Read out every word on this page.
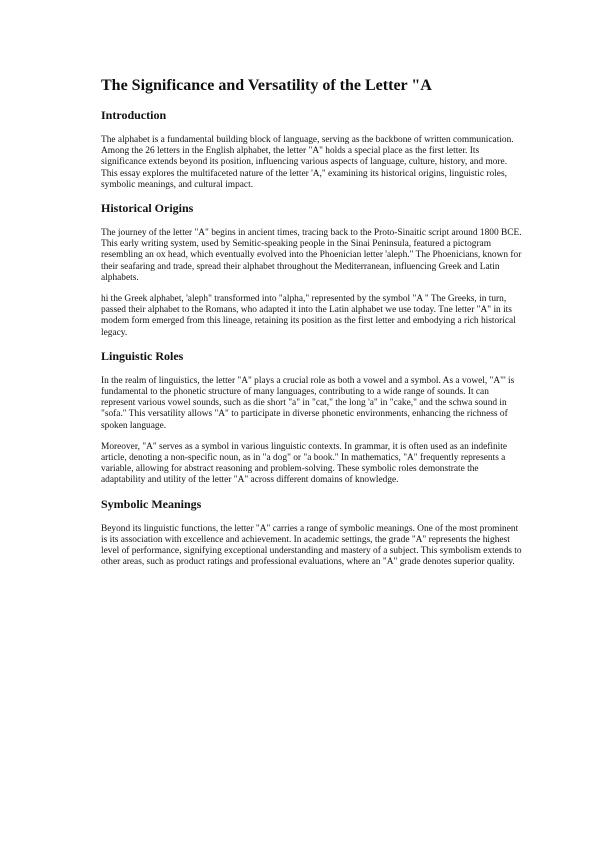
The Significance and Versatility of the Letter "A
Introduction

The alphabet is a fundamental building block of language, serving as the backbone of written communication. Among the 26 letters in the English alphabet, the letter "A" holds a special place as the first letter. Its significance extends beyond its position, influencing various aspects of language, culture, history, and more. This essay explores the multifaceted nature of the letter 'A," examining its historical origins, linguistic roles, symbolic meanings, and cultural impact.

Historical Origins

The journey of the letter "A" begins in ancient times, tracing back to the Proto-Sinaitic script around 1800 BCE. This early writing system, used by Semitic-speaking people in the Sinai Peninsula, featured a pictogram resembling an ox head, which eventually evolved into the Phoenician letter 'aleph." The Phoenicians, known for their seafaring and trade, spread their alphabet throughout the Mediterranean, influencing Greek and Latin alphabets.

hi the Greek alphabet, 'aleph" transformed into "alpha," represented by the symbol "A " The Greeks, in turn, passed their alphabet to the Romans, who adapted it into the Latin alphabet we use today. Tne letter "A" in its modem form emerged from this lineage, retaining its position as the first letter and embodying a rich historical legacy.

Linguistic Roles

In the realm of linguistics, the letter "A" plays a crucial role as both a vowel and a symbol. As a vowel, "A"' is fundamental to the phonetic structure of many languages, contributing to a wide range of sounds. It can represent various vowel sounds, such as die short "a" in "cat," the long 'a" in "cake," and the schwa sound in "sofa." This versatility allows "A" to participate in diverse phonetic environments, enhancing the richness of spoken language.

Moreover, "A" serves as a symbol in various linguistic contexts. In grammar, it is often used as an indefinite article, denoting a non-specific noun, as in "a dog" or "a book." In mathematics, "A" frequently represents a variable, allowing for abstract reasoning and problem-solving. These symbolic roles demonstrate the adaptability and utility of the letter "A" across different domains of knowledge.

Symbolic Meanings

Beyond its linguistic functions, the letter "A" carries a range of symbolic meanings. One of the most prominent is its association with excellence and achievement. In academic settings, the grade "A" represents the highest level of performance, signifying exceptional understanding and mastery of a subject. This symbolism extends to other areas, such as product ratings and professional evaluations, where an "A" grade denotes superior quality.
